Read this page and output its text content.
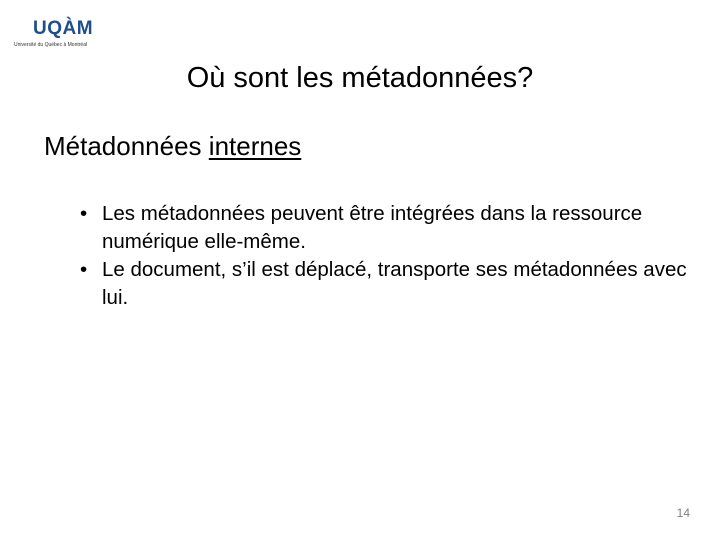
UQÀM
Université du Québec à Montréal
Où sont les métadonnées?
Métadonnées internes
• Les métadonnées peuvent être intégrées dans la ressource numérique elle-même.
• Le document, s’il est déplacé, transporte ses métadonnées avec lui.
14
